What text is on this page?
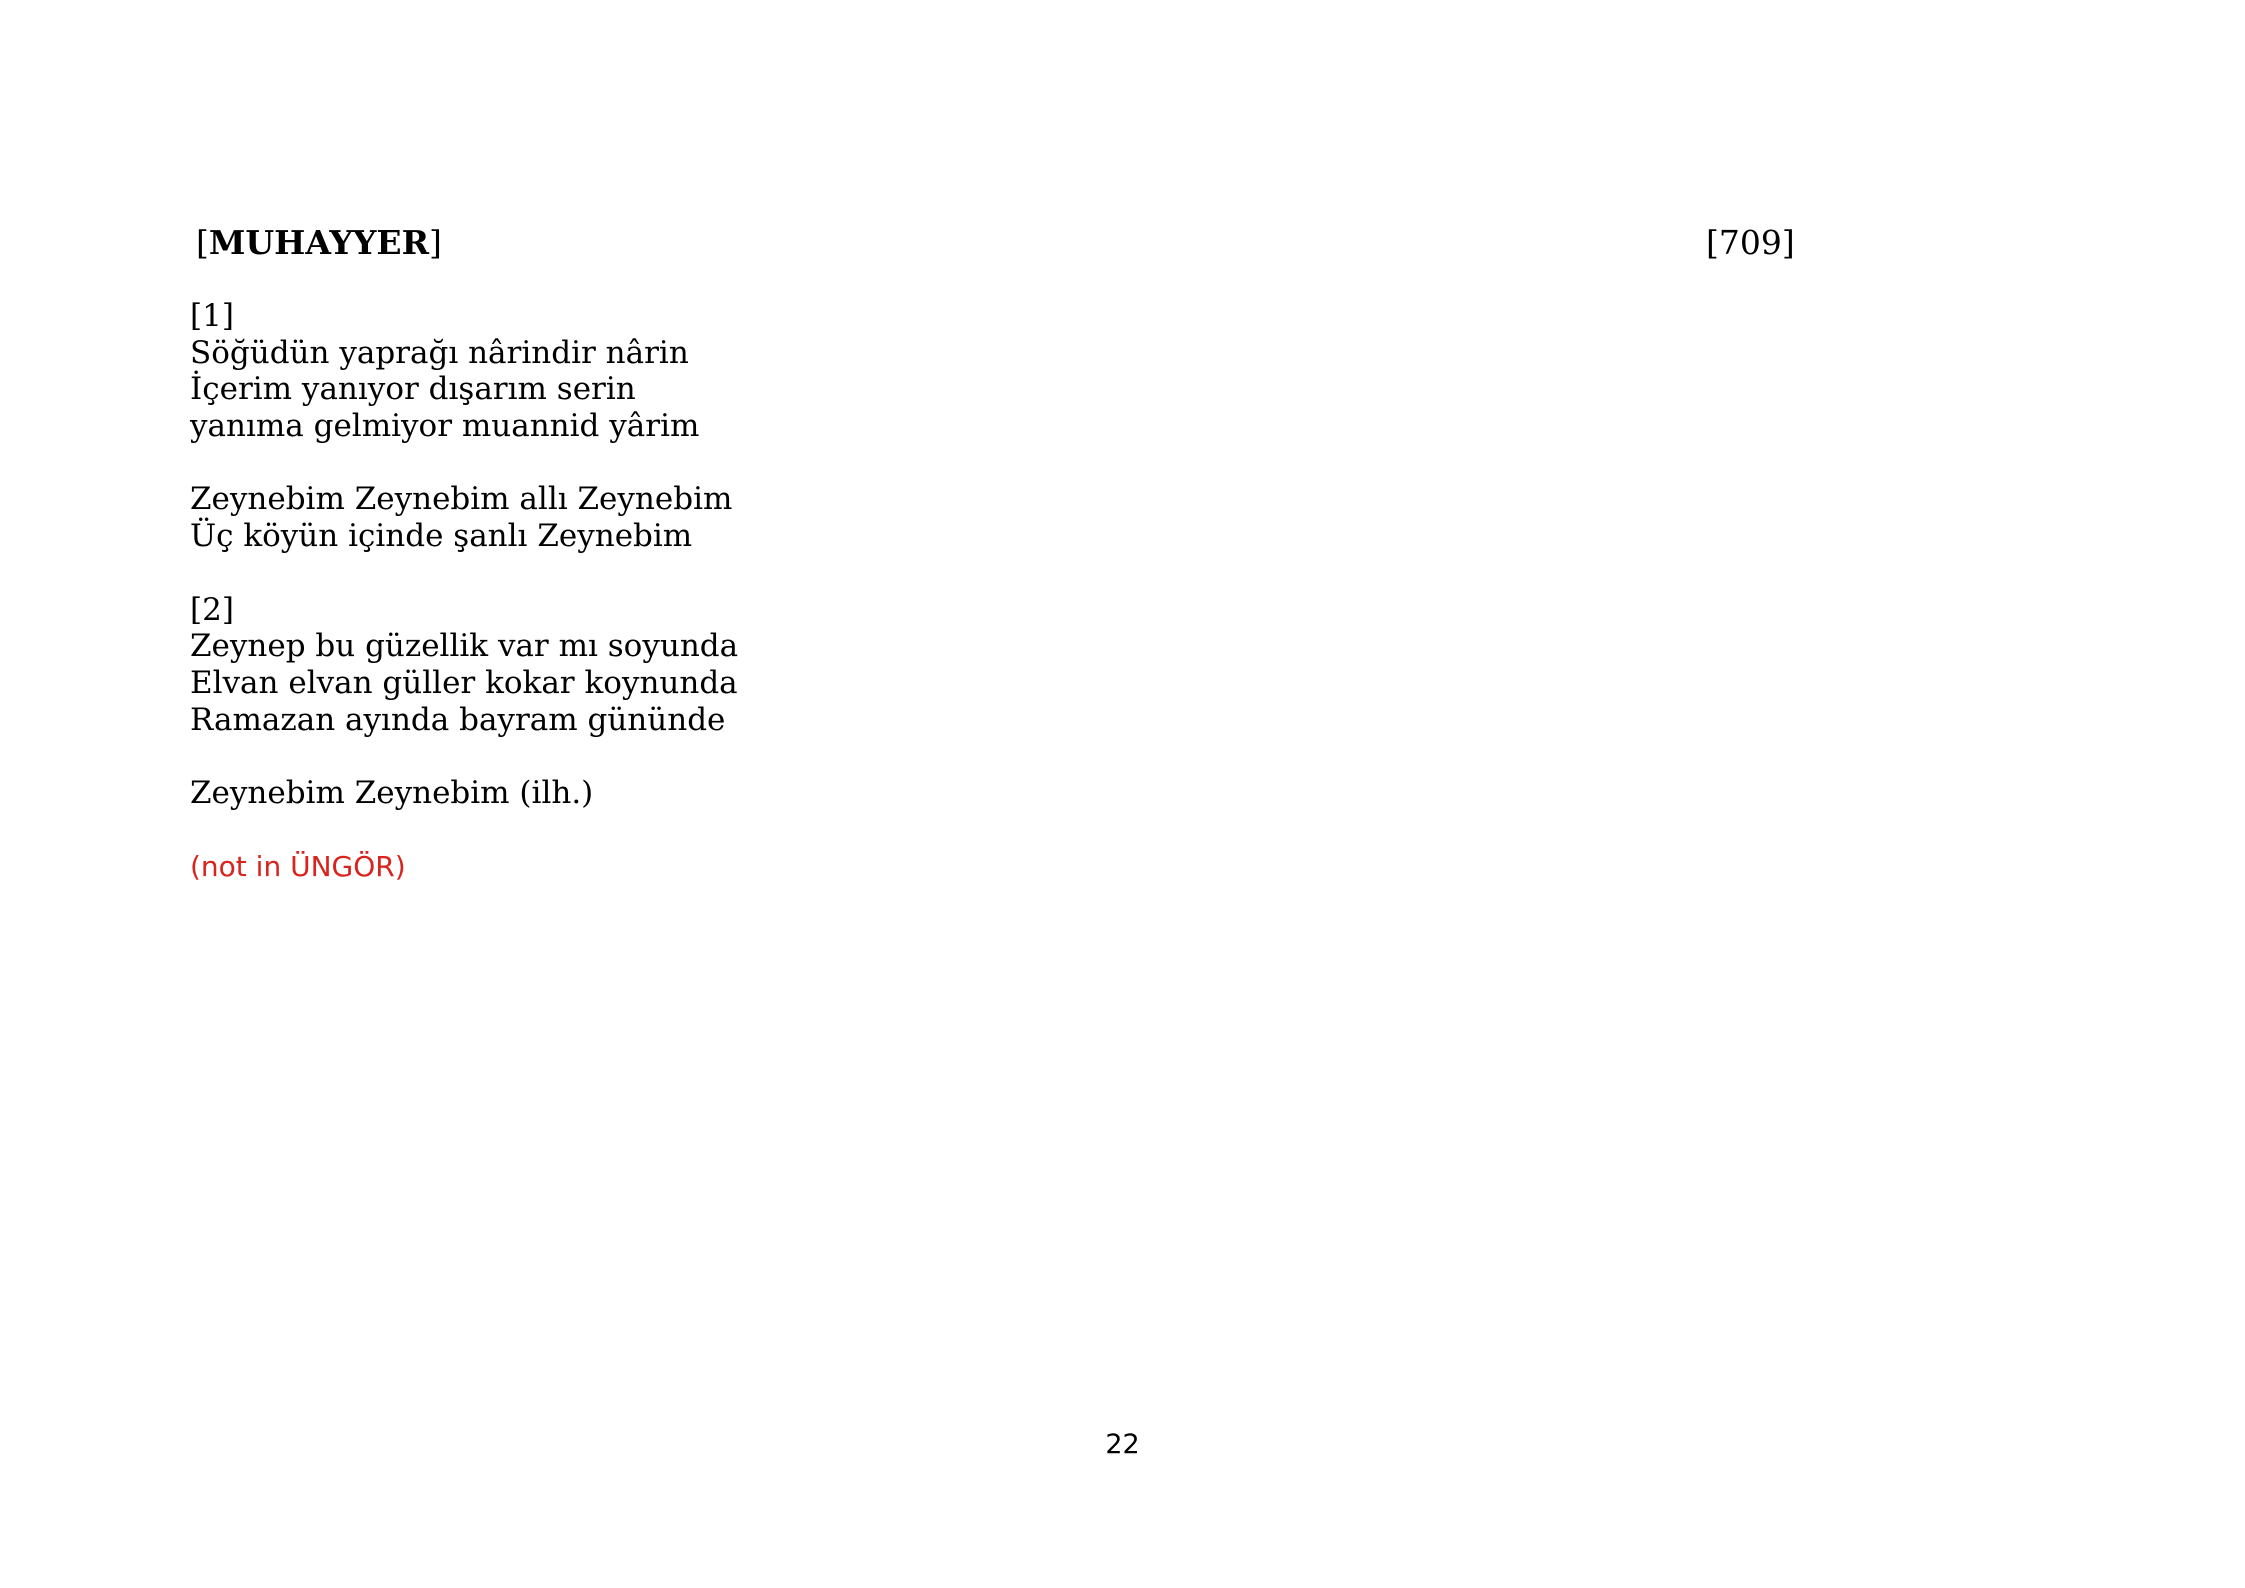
[MUHAYYER]	[709]
[1]
Söğüdün yaprağı nârindir nârin
İçerim yanıyor dışarım serin
yanıma gelmiyor muannid yârim
Zeynebim Zeynebim allı Zeynebim
Üç köyün içinde şanlı Zeynebim
[2]
Zeynep bu güzellik var mı soyunda
Elvan elvan güller kokar koynunda
Ramazan ayında bayram gününde
Zeynebim Zeynebim (ilh.)
(not in ÜNGÖR)
22
